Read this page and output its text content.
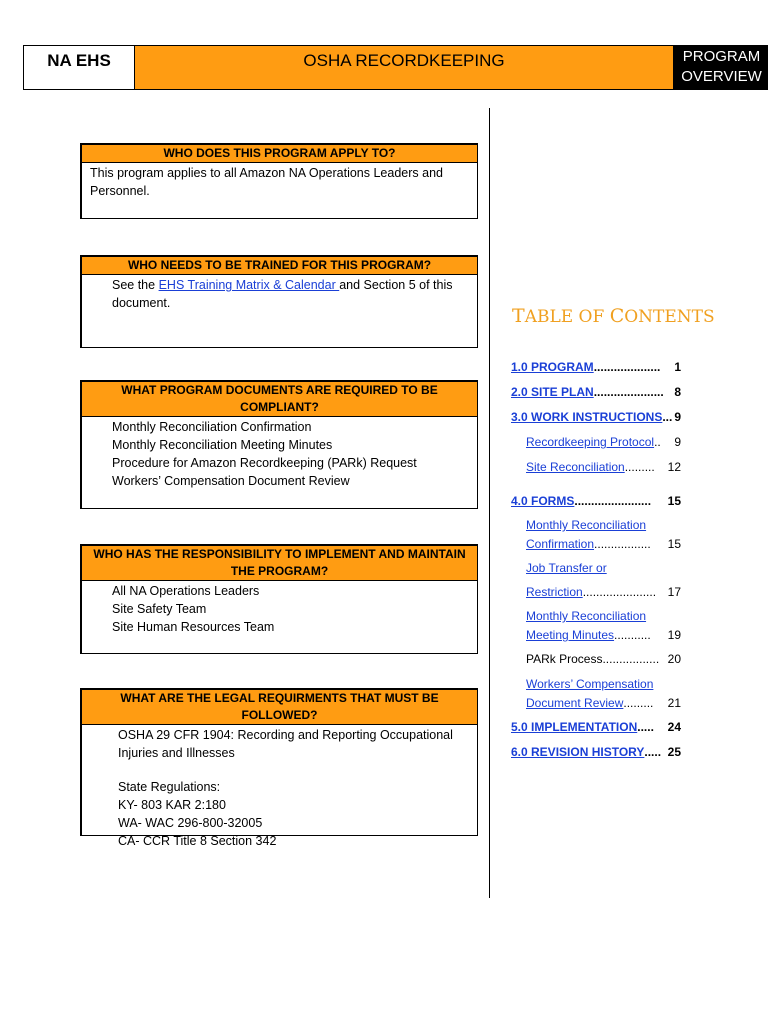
NA EHS	OSHA RECORDKEEPING	PROGRAM
OVERVIEW
WHO DOES THIS PROGRAM APPLY TO?
This program applies to all Amazon NA Operations Leaders and Personnel.
WHO NEEDS TO BE TRAINED FOR THIS PROGRAM?
See the EHS Training Matrix & Calendar and Section 5 of this document.
WHAT PROGRAM DOCUMENTS ARE REQUIRED TO BE COMPLIANT?
Monthly Reconciliation Confirmation
Monthly Reconciliation Meeting Minutes
Procedure for Amazon Recordkeeping (PARk) Request
Workers’ Compensation Document Review
WHO HAS THE RESPONSIBILITY TO IMPLEMENT AND MAINTAIN THE PROGRAM?
All NA Operations Leaders
Site Safety Team
Site Human Resources Team
WHAT ARE THE LEGAL REQUIRMENTS THAT MUST BE FOLLOWED?
OSHA 29 CFR 1904: Recording and Reporting Occupational Injuries and Illnesses
State Regulations:
KY- 803 KAR 2:180
WA- WAC 296-800-32005
CA- CCR Title 8 Section 342
TABLE OF CONTENTS
1.0 PROGRAM ....................	1
2.0 SITE PLAN ..................... 8
3.0 WORK INSTRUCTIONS ... 9
Recordkeeping Protocol ..	9
Site Reconciliation .........	12
4.0 FORMS .......................	15
Monthly Reconciliation
Confirmation .................	15
Job Transfer or
Restriction ...................... 17
Monthly Reconciliation
Meeting Minutes ...........	19
PARk Process ................. 20
Workers’ Compensation
Document Review .........	21
5.0 IMPLEMENTATION .....	24
6.0 REVISION HISTORY ..... 25
